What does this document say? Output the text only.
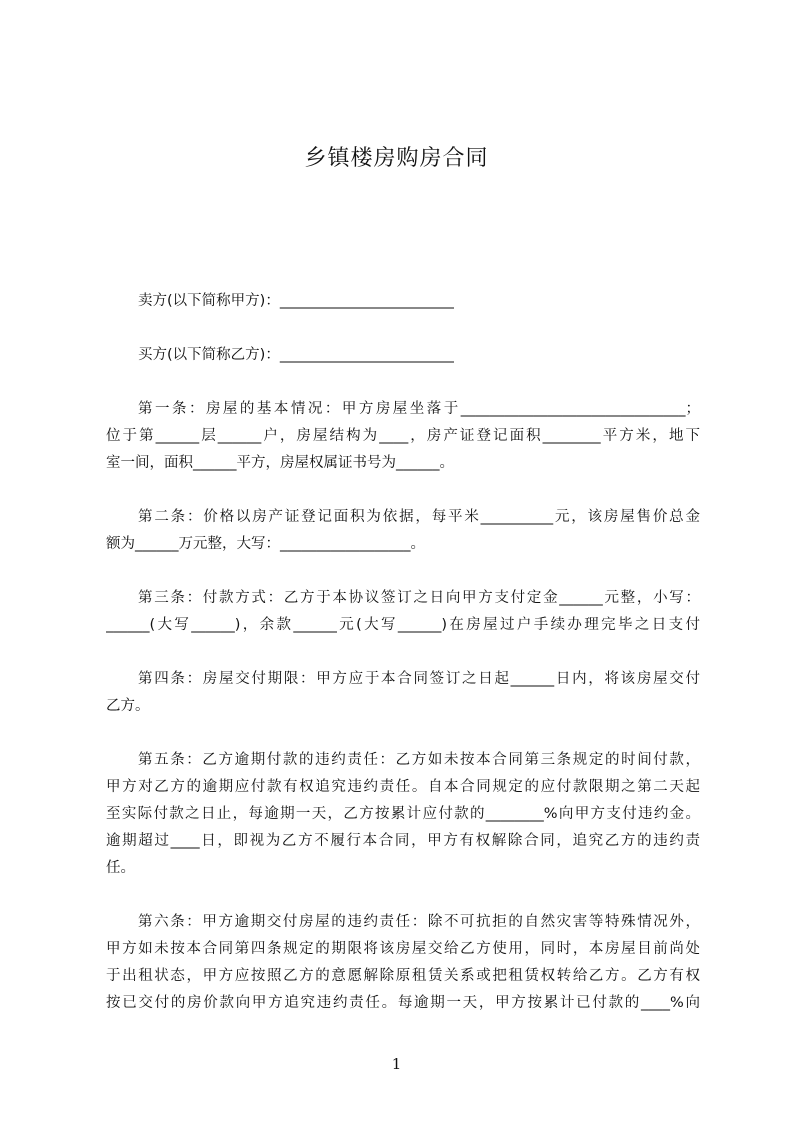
乡镇楼房购房合同
卖方(以下简称甲方)：________________________
买方(以下简称乙方)：________________________
第一条：房屋的基本情况：甲方房屋坐落于_______________________________；
位于第______层______户，房屋结构为____，房产证登记面积________平方米，地下
室一间，面积______平方，房屋权属证书号为______。
第二条：价格以房产证登记面积为依据，每平米__________元，该房屋售价总金
额为______万元整，大写：__________________。
第三条：付款方式：乙方于本协议签订之日向甲方支付定金______元整，小写：
______(大写______)，余款______元(大写______)在房屋过户手续办理完毕之日支付
第四条：房屋交付期限：甲方应于本合同签订之日起______日内，将该房屋交付
乙方。
第五条：乙方逾期付款的违约责任：乙方如未按本合同第三条规定的时间付款，
甲方对乙方的逾期应付款有权追究违约责任。自本合同规定的应付款限期之第二天起
至实际付款之日止，每逾期一天，乙方按累计应付款的________%向甲方支付违约金。
逾期超过____日，即视为乙方不履行本合同，甲方有权解除合同，追究乙方的违约责
任。
第六条：甲方逾期交付房屋的违约责任：除不可抗拒的自然灾害等特殊情况外，
甲方如未按本合同第四条规定的期限将该房屋交给乙方使用，同时，本房屋目前尚处
于出租状态，甲方应按照乙方的意愿解除原租赁关系或把租赁权转给乙方。乙方有权
按已交付的房价款向甲方追究违约责任。每逾期一天，甲方按累计已付款的____%向
1
